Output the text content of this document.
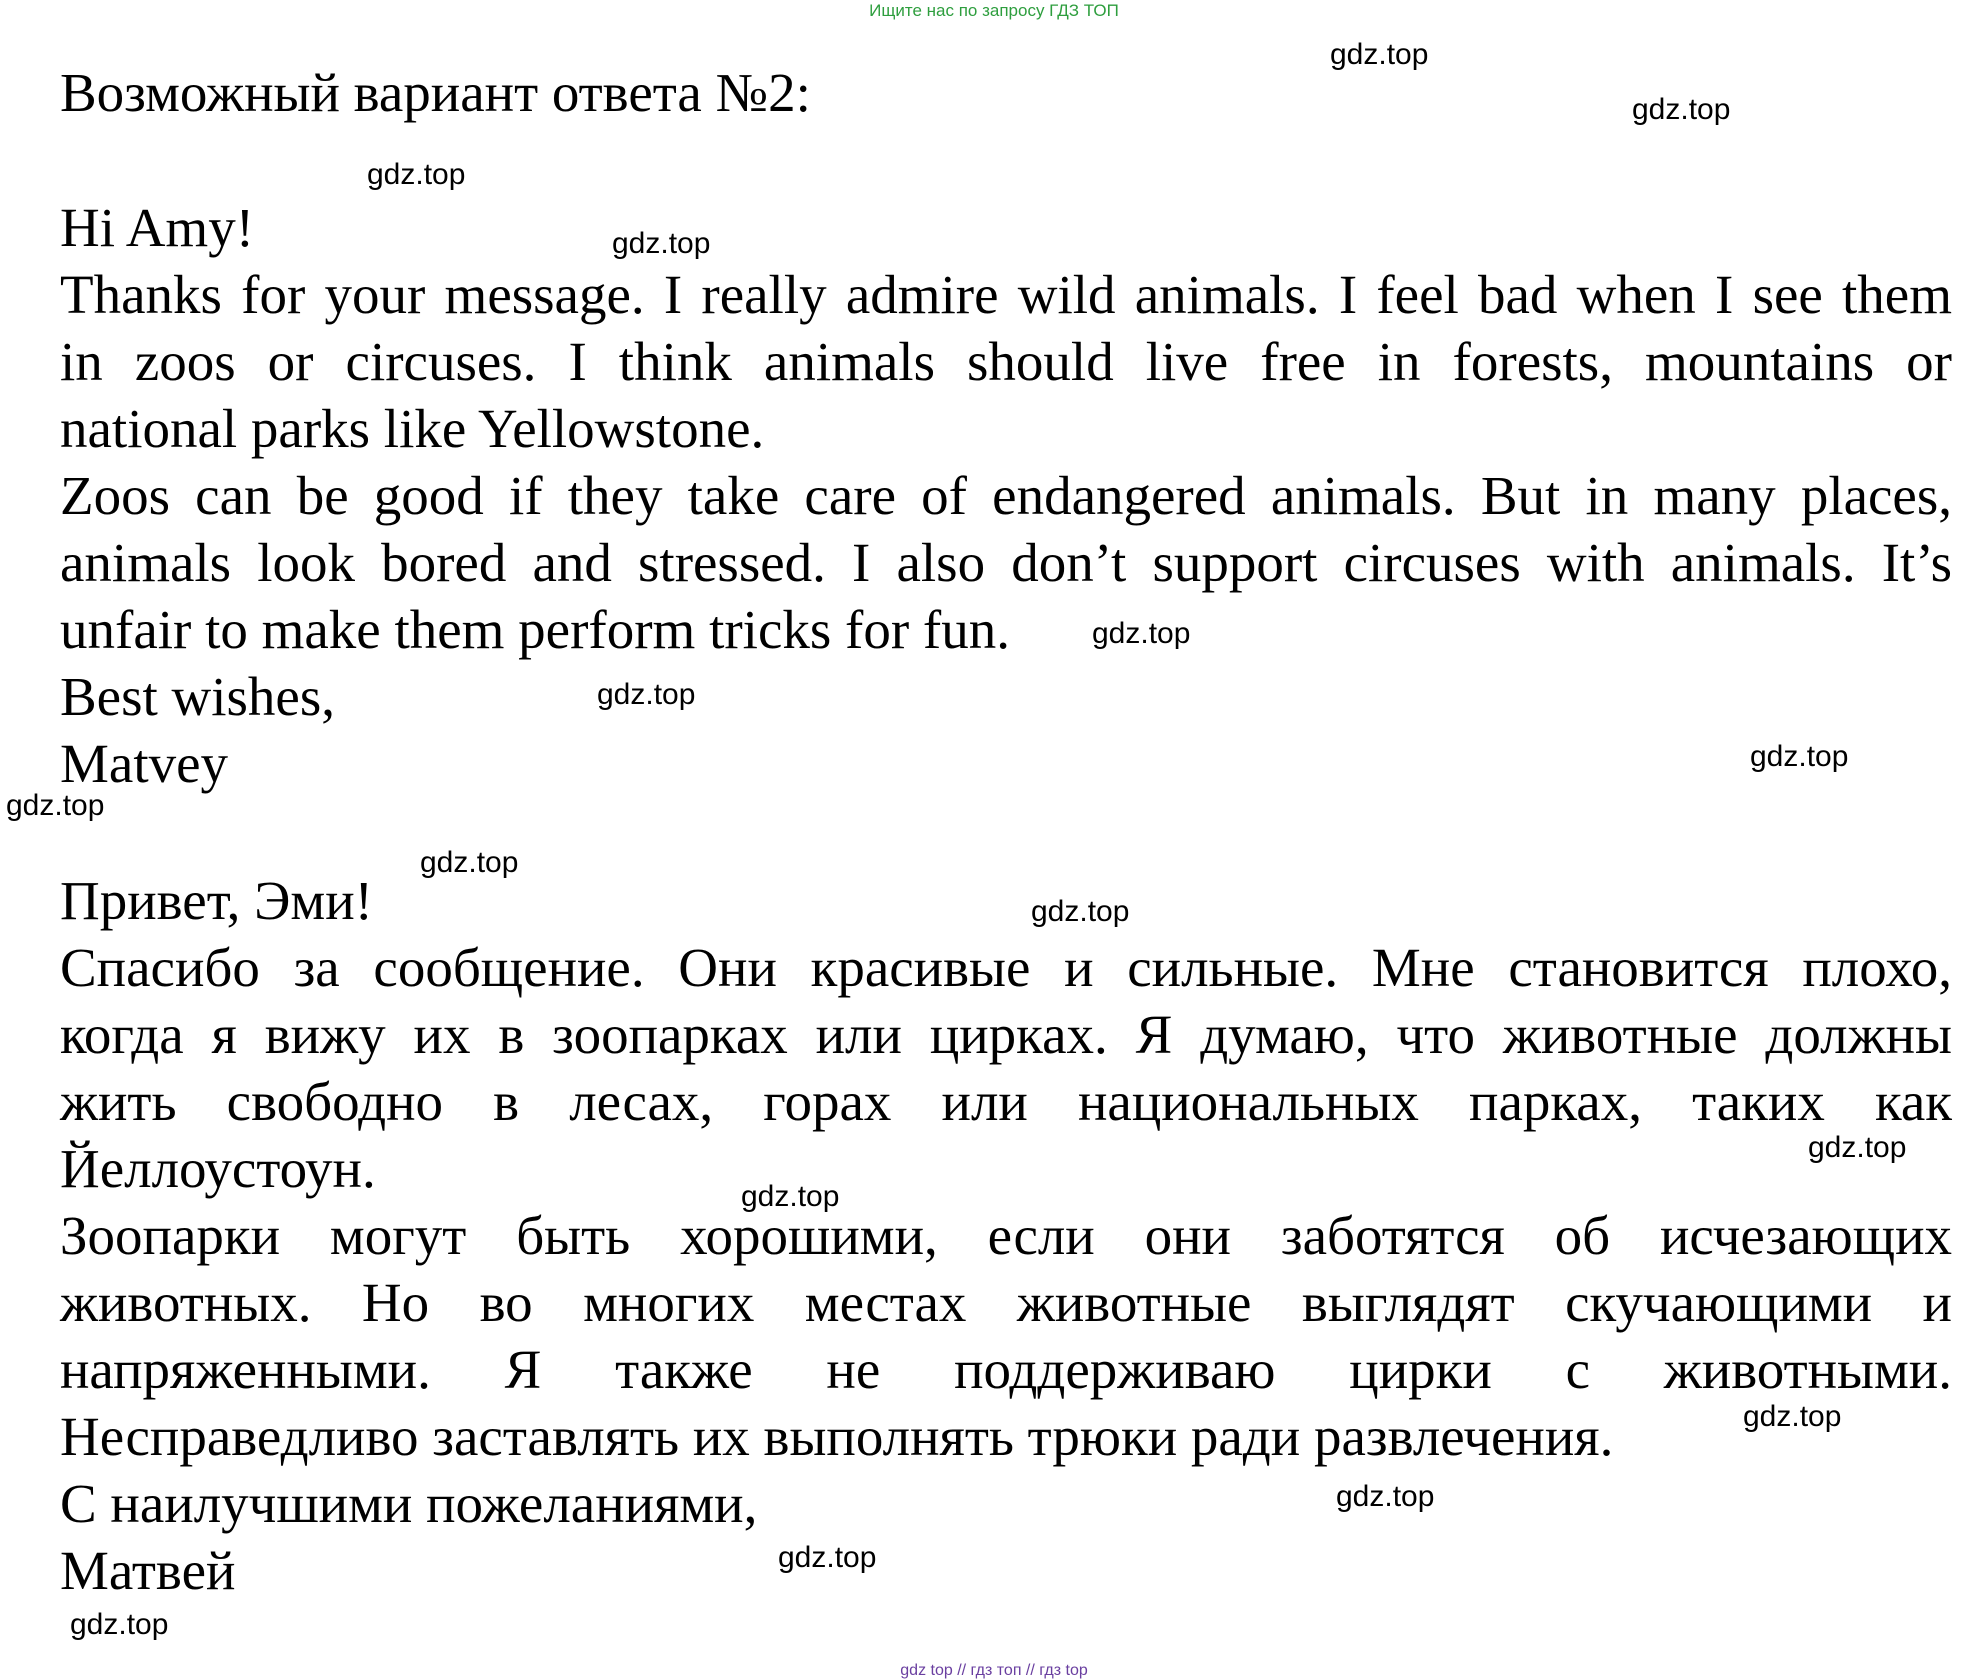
Ищите нас по запросу ГДЗ ТОП
Возможный вариант ответа №2:
Hi Amy!
Thanks for your message. I really admire wild animals. I feel bad when I see them
in zoos or circuses. I think animals should live free in forests, mountains or
national parks like Yellowstone.
Zoos can be good if they take care of endangered animals. But in many places,
animals look bored and stressed. I also don’t support circuses with animals. It’s
unfair to make them perform tricks for fun.
Best wishes,
Matvey
Привет, Эми!
Спасибо за сообщение. Они красивые и сильные. Мне становится плохо,
когда я вижу их в зоопарках или цирках. Я думаю, что животные должны
жить свободно в лесах, горах или национальных парках, таких как
Йеллоустоун.
Зоопарки могут быть хорошими, если они заботятся об исчезающих
животных. Но во многих местах животные выглядят скучающими и
напряженными. Я также не поддерживаю цирки с животными.
Несправедливо заставлять их выполнять трюки ради развлечения.
С наилучшими пожеланиями,
Матвей
gdz.top
gdz.top
gdz.top
gdz.top
gdz.top
gdz.top
gdz.top
gdz.top
gdz.top
gdz.top
gdz.top
gdz.top
gdz.top
gdz.top
gdz.top
gdz.top
gdz top // гдз топ // гдз top
